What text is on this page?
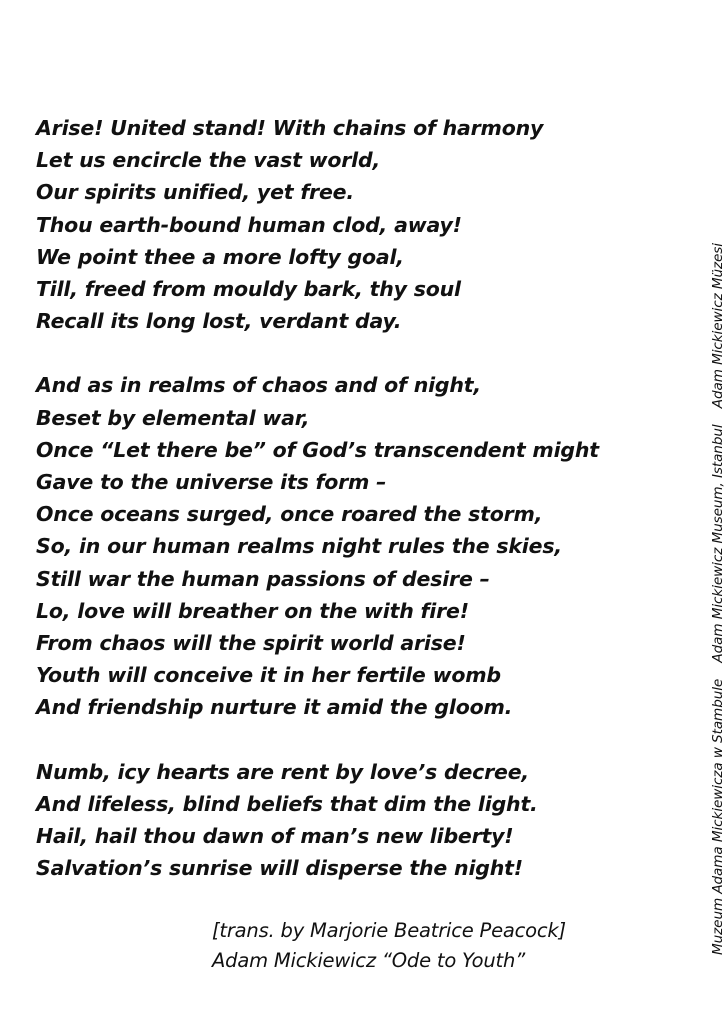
Arise! United stand! With chains of harmony
Let us encircle the vast world,
Our spirits unified, yet free.
Thou earth-bound human clod, away!
We point thee a more lofty goal,
Till, freed from mouldy bark, thy soul
Recall its long lost, verdant day.
And as in realms of chaos and of night,
Beset by elemental war,
Once “Let there be” of God’s transcendent might
Gave to the universe its form –
Once oceans surged, once roared the storm,
So, in our human realms night rules the skies,
Still war the human passions of desire –
Lo, love will breather on the with fire!
From chaos will the spirit world arise!
Youth will conceive it in her fertile womb
And friendship nurture it amid the gloom.
Numb, icy hearts are rent by love’s decree,
And lifeless, blind beliefs that dim the light.
Hail, hail thou dawn of man’s new liberty!
Salvation’s sunrise will disperse the night!
[trans. by Marjorie Beatrice Peacock]
Adam Mickiewicz “Ode to Youth”
Muzeum Adama Mickiewicza w Stambule Adam Mickiewicz Museum, Istanbul Adam Mickiewicz Müzesi
